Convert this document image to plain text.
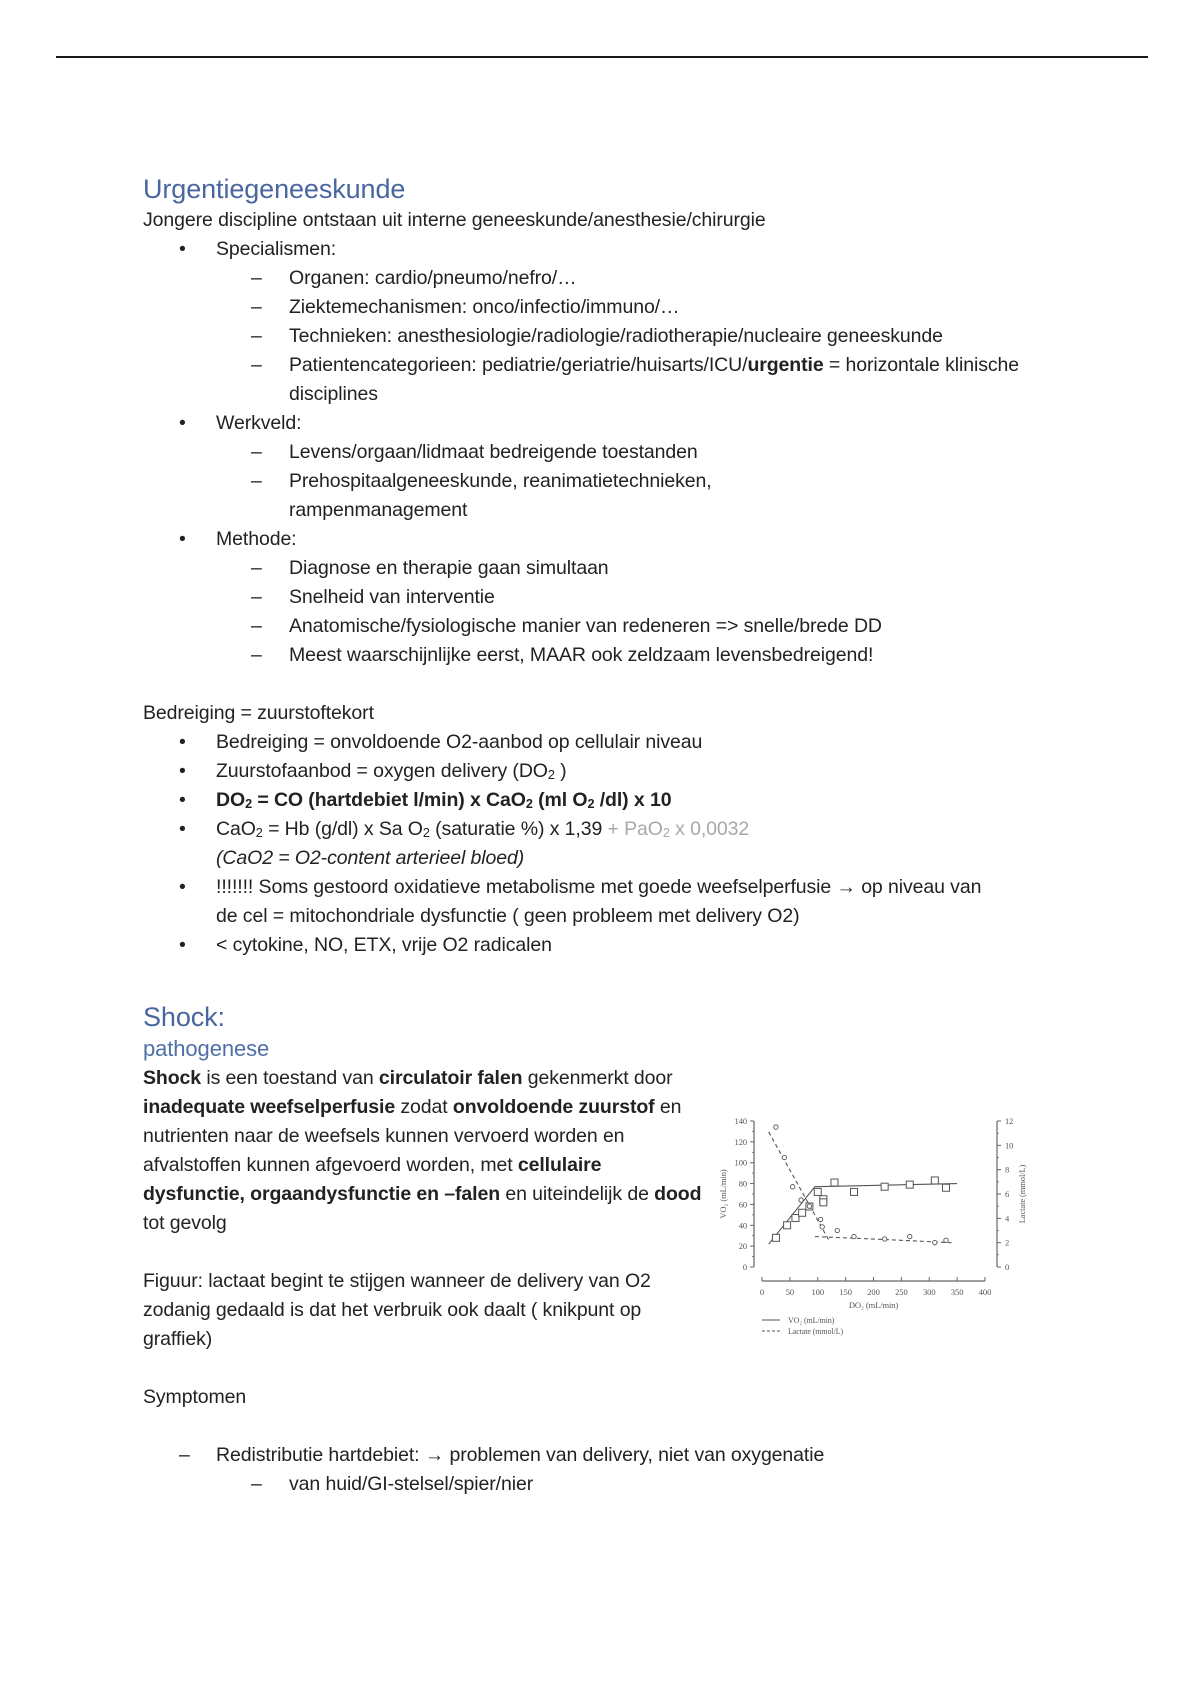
Urgentiegeneeskunde

Jongere discipline ontstaan uit interne geneeskunde/anesthesie/chirurgie

• Specialismen:
– Organen: cardio/pneumo/nefro/…
– Ziektemechanismen: onco/infectio/immuno/…
– Technieken: anesthesiologie/radiologie/radiotherapie/nucleaire geneeskunde
– Patientencategorieen: pediatrie/geriatrie/huisarts/ICU/urgentie = horizontale klinische disciplines
• Werkveld:
– Levens/orgaan/lidmaat bedreigende toestanden
– Prehospitaalgeneeskunde, reanimatietechnieken, rampenmanagement
• Methode:
– Diagnose en therapie gaan simultaan
– Snelheid van interventie
– Anatomische/fysiologische manier van redeneren => snelle/brede DD
– Meest waarschijnlijke eerst, MAAR ook zeldzaam levensbedreigend!

Bedreiging = zuurstoftekort

• Bedreiging = onvoldoende O2-aanbod op cellulair niveau
• Zuurstofaanbod = oxygen delivery ($DO_2$ )
• $DO_2$ = CO (hartdebiet l/min) x CaO$_2$ (ml $O_2$ /dl) x 10
• CaO$_2$ = Hb (g/dl) x Sa $O_2$ (saturatie %) x 1,39 + PaO$_2$ x 0,0032
(CaO2 = O2-content arterieel bloed)
• !!!!!!! Soms gestoord oxidatieve metabolisme met goede weefselperfusie → op niveau van de cel = mitochondriale dysfunctie ( geen probleem met delivery O2)
• < cytokine, NO, ETX, vrije O2 radicalen
Shock:
pathogenese

Shock is een toestand van circulatoir falen gekenmerkt door inadequate weefselperfusie zodat onvoldoende zuurstof en nutrienten naar de weefsels kunnen vervoerd worden en afvalstoffen kunnen afgevoerd worden, met cellulaire dysfunctie, orgaandysfunctie en –falen en uiteindelijk de dood tot gevolg

Figuur: lactaat begint te stijgen wanneer de delivery van O2 zodanig gedaald is dat het verbruik ook daalt ( knikpunt op graffiek)

Symptomen

– Redistributie hartdebiet: → problemen van delivery, niet van oxygenatie
– van huid/GI-stelsel/spier/nier
0
20
40
60
80
100
120
140
0
2
4
6
8
10
12
0	50 100 150 200 250 300 350 400
DO₂ (mL/min)
VO₂ (mL/min)	Lactate (mmol/L)
VO₂ (mL/min)
Lactate (mmol/L)
